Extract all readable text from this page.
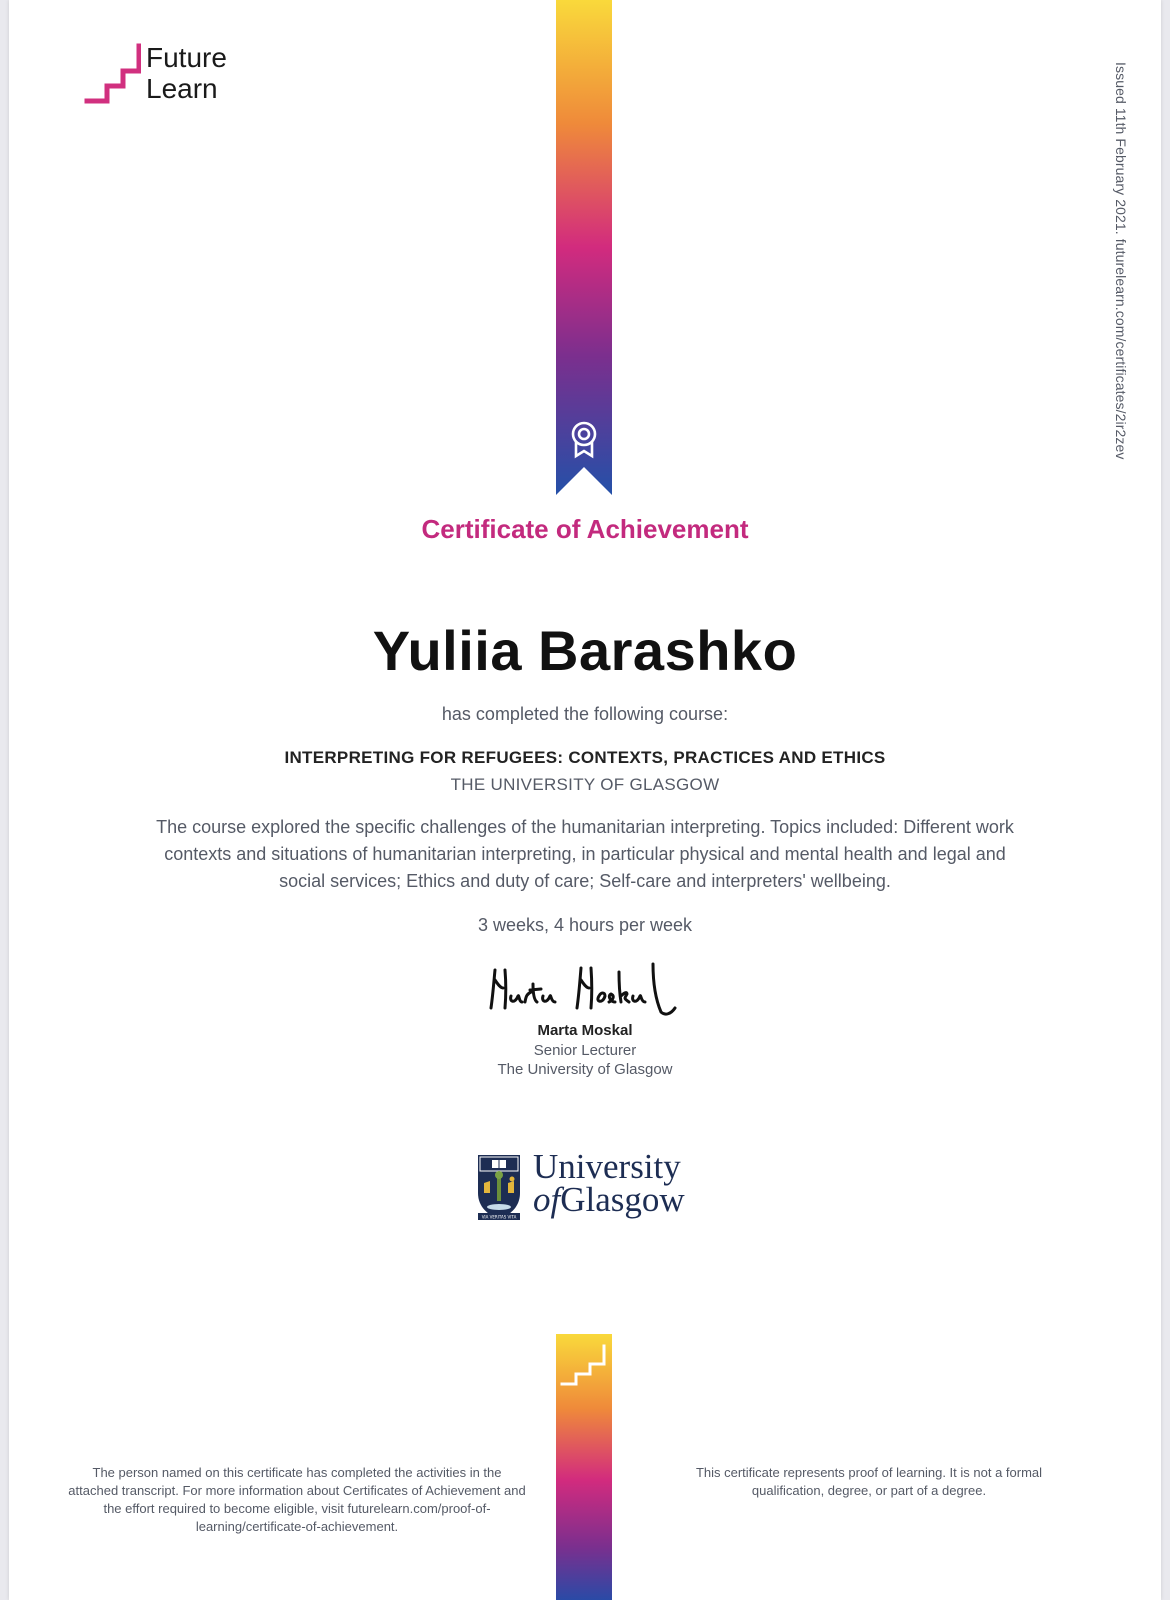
Future
Learn	Issued 11th February 2021. futurelearn.com/certificates/2ir2zev
Certificate of Achievement
Yuliia Barashko
has completed the following course:
INTERPRETING FOR REFUGEES: CONTEXTS, PRACTICES AND ETHICS
THE UNIVERSITY OF GLASGOW
The course explored the specific challenges of the humanitarian interpreting. Topics included: Different work contexts and situations of humanitarian interpreting, in particular physical and mental health and legal and social services; Ethics and duty of care; Self-care and interpreters' wellbeing.
3 weeks, 4 hours per week
Marta Moskal
Senior Lecturer
The University of Glasgow
VIA VERITAS VITA
University
ofGlasgow
The person named on this certificate has completed the activities in the attached transcript. For more information about Certificates of Achievement and the effort required to become eligible, visit futurelearn.com/proof-of-learning/certificate-of-achievement.
This certificate represents proof of learning. It is not a formal qualification, degree, or part of a degree.
